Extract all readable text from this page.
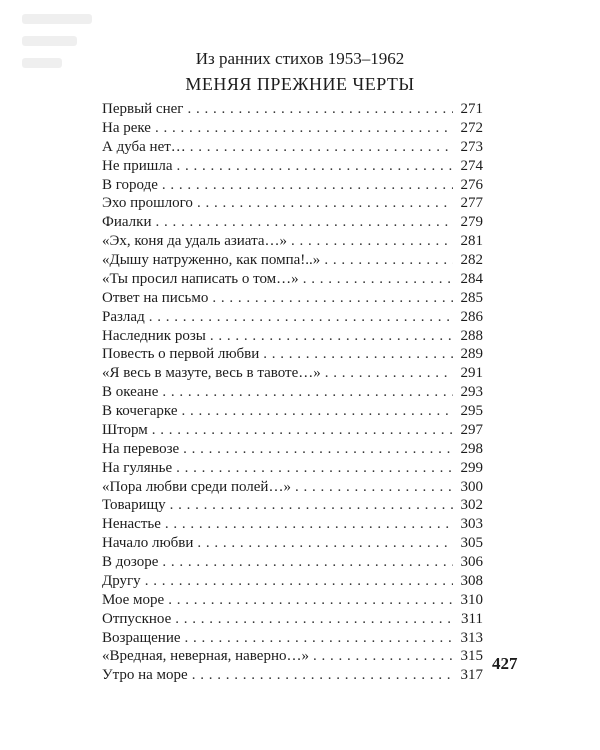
Из ранних стихов 1953–1962
МЕНЯЯ ПРЕЖНИЕ ЧЕРТЫ
Первый снег . . .	271
На реке . . .	272
А дуба нет… . . .	273
Не пришла . . .	274
В городе . . .	276
Эхо прошлого . . .	277
Фиалки . . .	279
«Эх, коня да удаль азиата…» . . .	281
«Дышу натруженно, как помпа!..» . . .	282
«Ты просил написать о том…» . . .	284
Ответ на письмо . . .	285
Разлад . . .	286
Наследник розы . . .	288
Повесть о первой любви . . .	289
«Я весь в мазуте, весь в тавоте…» . . .	291
В океане . . .	293
В кочегарке . . .	295
Шторм . . .	297
На перевозе . . .	298
На гулянье . . .	299
«Пора любви среди полей…» . . .	300
Товарищу . . .	302
Ненастье . . .	303
Начало любви . . .	305
В дозоре . . .	306
Другу . . .	308
Мое море . . .	310
Отпускное . . .	311
Возращение . . .	313
«Вредная, неверная, наверно…» . . .	315
Утро на море . . .	317
427
